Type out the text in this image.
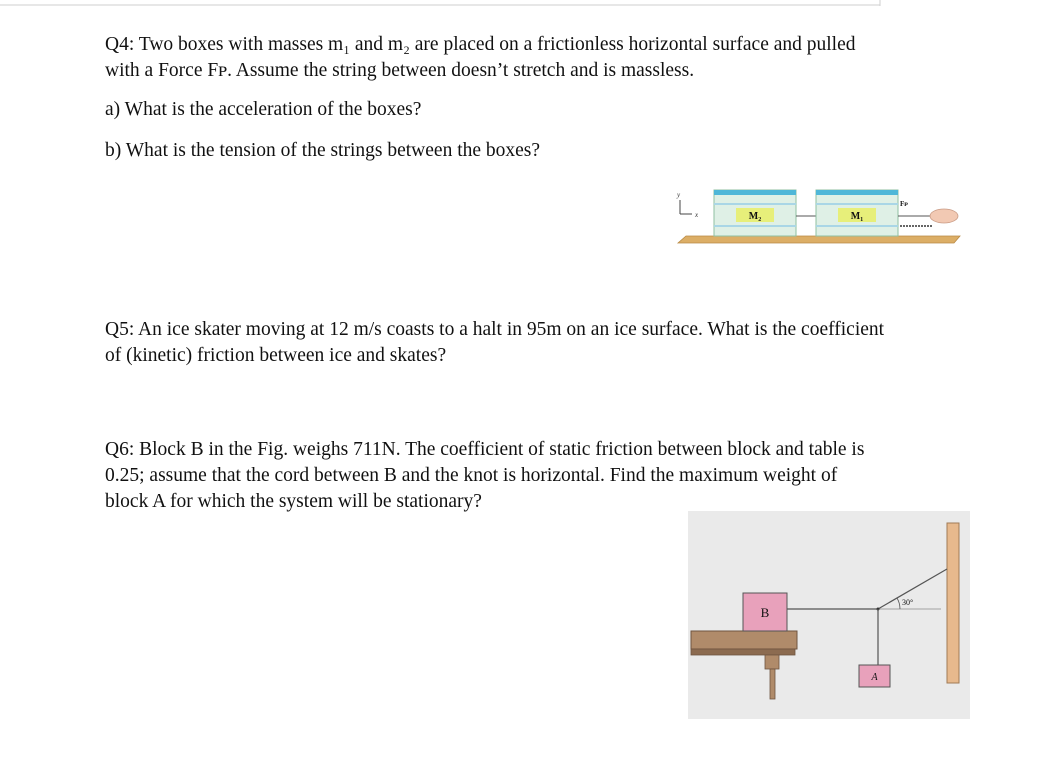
Q4: Two boxes with masses m₁ and m₂ are placed on a frictionless horizontal surface and pulled
with a Force Fᴘ. Assume the string between doesn’t stretch and is massless.

a) What is the acceleration of the boxes?

b) What is the tension of the strings between the boxes?

y
x	M₂	M₁
Fᴘ

Q5: An ice skater moving at 12 m/s coasts to a halt in 95m on an ice surface. What is the coefficient
of (kinetic) friction between ice and skates?

Q6: Block B in the Fig. weighs 711N. The coefficient of static friction between block and table is
0.25; assume that the cord between B and the knot is horizontal. Find the maximum weight of
block A for which the system will be stationary?

B
30°
A
